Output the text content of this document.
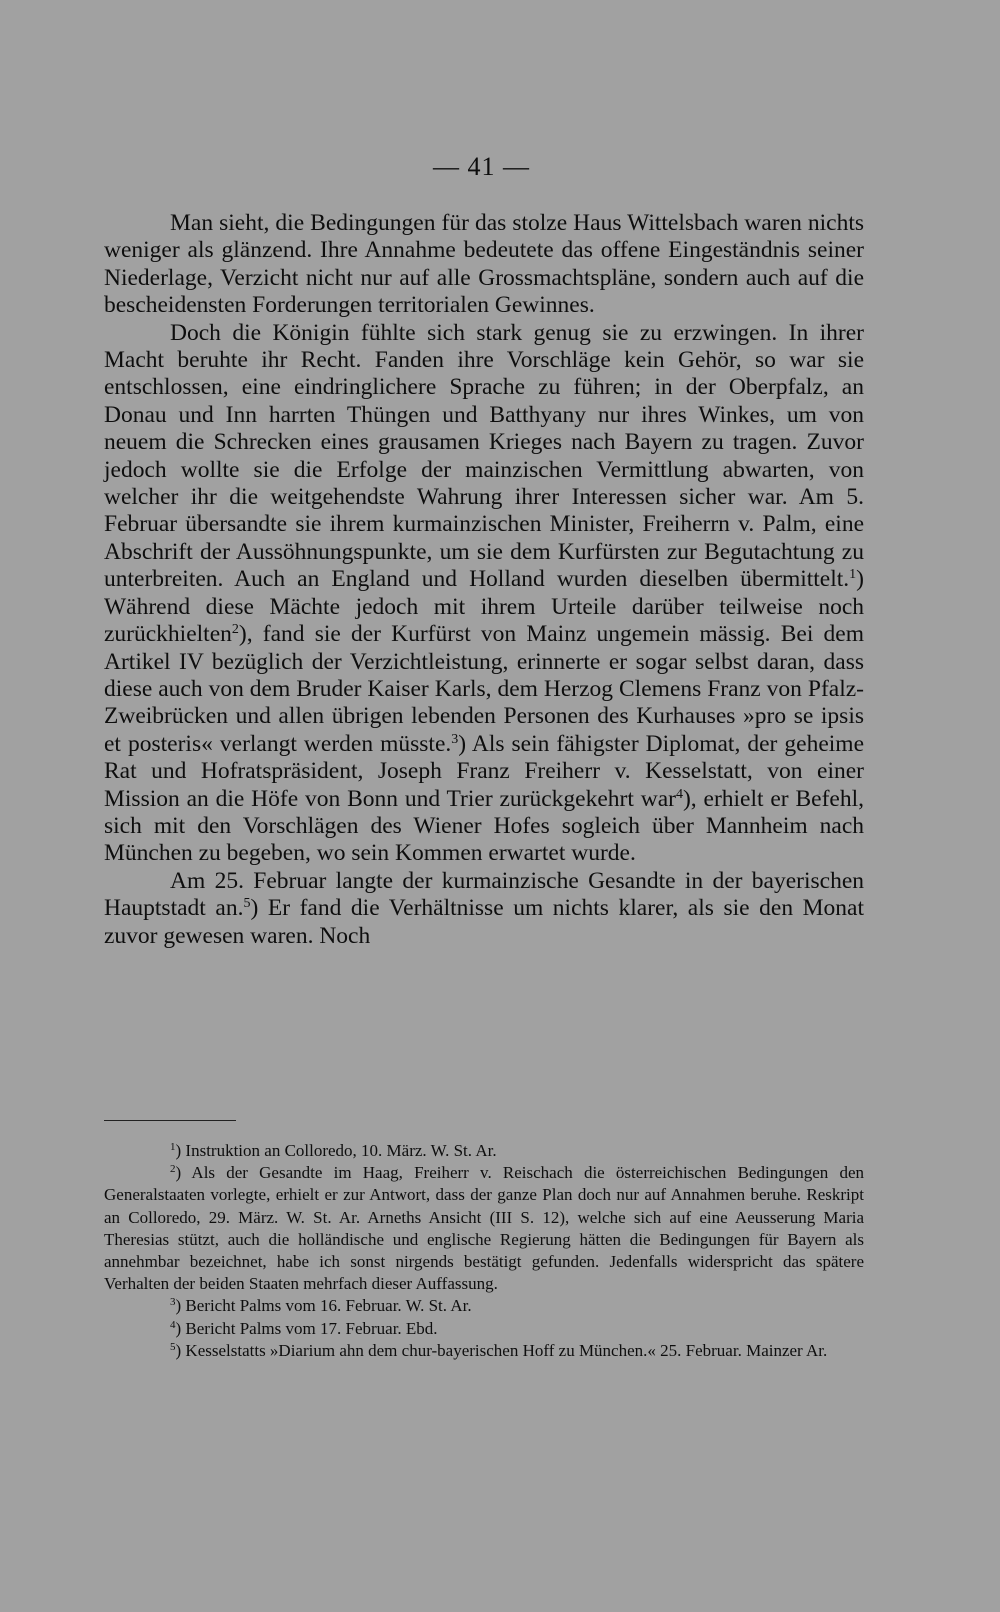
— 41 —

Man sieht, die Bedingungen für das stolze Haus Wittelsbach waren nichts weniger als glänzend. Ihre Annahme bedeutete das offene Eingeständnis seiner Niederlage, Verzicht nicht nur auf alle Grossmachtspläne, sondern auch auf die bescheidensten Forderungen territorialen Gewinnes.

Doch die Königin fühlte sich stark genug sie zu erzwingen. In ihrer Macht beruhte ihr Recht. Fanden ihre Vorschläge kein Gehör, so war sie entschlossen, eine eindringlichere Sprache zu führen; in der Oberpfalz, an Donau und Inn harrten Thüngen und Batthyany nur ihres Winkes, um von neuem die Schrecken eines grausamen Krieges nach Bayern zu tragen. Zuvor jedoch wollte sie die Erfolge der mainzischen Vermittlung abwarten, von welcher ihr die weitgehendste Wahrung ihrer Interessen sicher war. Am 5. Februar übersandte sie ihrem kurmainzischen Minister, Freiherrn v. Palm, eine Abschrift der Aussöhnungspunkte, um sie dem Kurfürsten zur Begutachtung zu unterbreiten. Auch an England und Holland wurden dieselben übermittelt.$^1$) Während diese Mächte jedoch mit ihrem Urteile darüber teilweise noch zurückhielten$^2$), fand sie der Kurfürst von Mainz ungemein mässig. Bei dem Artikel IV bezüglich der Verzichtleistung, erinnerte er sogar selbst daran, dass diese auch von dem Bruder Kaiser Karls, dem Herzog Clemens Franz von Pfalz-Zweibrücken und allen übrigen lebenden Personen des Kurhauses »pro se ipsis et posteris« verlangt werden müsste.$^3$) Als sein fähigster Diplomat, der geheime Rat und Hofratspräsident, Joseph Franz Freiherr v. Kesselstatt, von einer Mission an die Höfe von Bonn und Trier zurückgekehrt war$^4$), erhielt er Befehl, sich mit den Vorschlägen des Wiener Hofes sogleich über Mannheim nach München zu begeben, wo sein Kommen erwartet wurde.

Am 25. Februar langte der kurmainzische Gesandte in der bayerischen Hauptstadt an.$^5$) Er fand die Verhältnisse um nichts klarer, als sie den Monat zuvor gewesen waren. Noch

$^1$) Instruktion an Colloredo, 10. März. W. St. Ar.

$^2$) Als der Gesandte im Haag, Freiherr v. Reischach die österreichischen Bedingungen den Generalstaaten vorlegte, erhielt er zur Antwort, dass der ganze Plan doch nur auf Annahmen beruhe. Reskript an Colloredo, 29. März. W. St. Ar. Arneths Ansicht (III S. 12), welche sich auf eine Aeusserung Maria Theresias stützt, auch die holländische und englische Regierung hätten die Bedingungen für Bayern als annehmbar bezeichnet, habe ich sonst nirgends bestätigt gefunden. Jedenfalls widerspricht das spätere Verhalten der beiden Staaten mehrfach dieser Auffassung.

$^3$) Bericht Palms vom 16. Februar. W. St. Ar.

$^4$) Bericht Palms vom 17. Februar. Ebd.

$^5$) Kesselstatts »Diarium ahn dem chur-bayerischen Hoff zu München.« 25. Februar. Mainzer Ar.
